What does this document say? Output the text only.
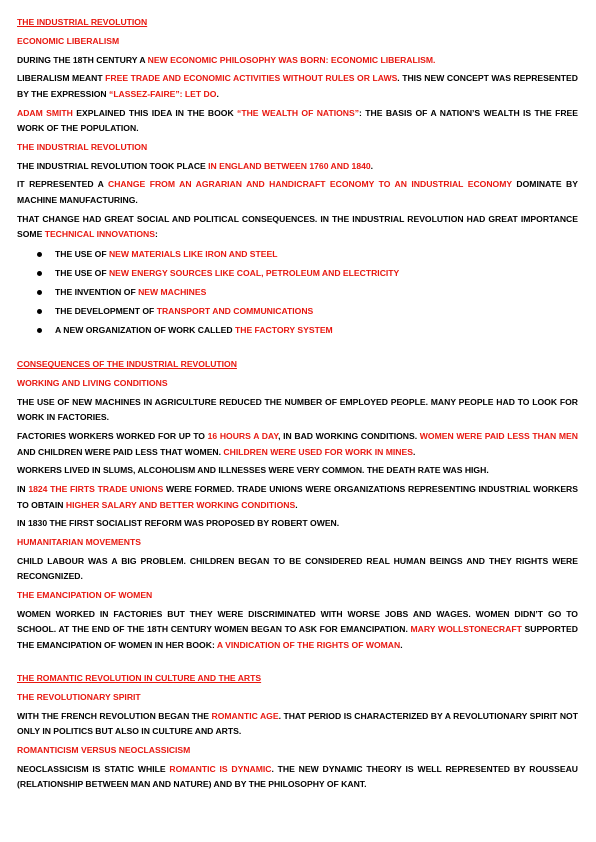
THE INDUSTRIAL REVOLUTION

ECONOMIC LIBERALISM

DURING THE 18TH CENTURY A NEW ECONOMIC PHILOSOPHY WAS BORN: ECONOMIC LIBERALISM.

LIBERALISM MEANT FREE TRADE AND ECONOMIC ACTIVITIES WITHOUT RULES OR LAWS. THIS NEW CONCEPT WAS REPRESENTED BY THE EXPRESSION “LASSEZ-FAIRE”: LET DO.

ADAM SMITH EXPLAINED THIS IDEA IN THE BOOK “THE WEALTH OF NATIONS”: THE BASIS OF A NATION’S WEALTH IS THE FREE WORK OF THE POPULATION.

THE INDUSTRIAL REVOLUTION

THE INDUSTRIAL REVOLUTION TOOK PLACE IN ENGLAND BETWEEN 1760 AND 1840.

IT REPRESENTED A CHANGE FROM AN AGRARIAN AND HANDICRAFT ECONOMY TO AN INDUSTRIAL ECONOMY DOMINATE BY MACHINE MANUFACTURING.

THAT CHANGE HAD GREAT SOCIAL AND POLITICAL CONSEQUENCES. IN THE INDUSTRIAL REVOLUTION HAD GREAT IMPORTANCE SOME TECHNICAL INNOVATIONS:

THE USE OF NEW MATERIALS LIKE IRON AND STEEL
THE USE OF NEW ENERGY SOURCES LIKE COAL, PETROLEUM AND ELECTRICITY
THE INVENTION OF NEW MACHINES
THE DEVELOPMENT OF TRANSPORT AND COMMUNICATIONS
A NEW ORGANIZATION OF WORK CALLED THE FACTORY SYSTEM

CONSEQUENCES OF THE INDUSTRIAL REVOLUTION

WORKING AND LIVING CONDITIONS

THE USE OF NEW MACHINES IN AGRICULTURE REDUCED THE NUMBER OF EMPLOYED PEOPLE. MANY PEOPLE HAD TO LOOK FOR WORK IN FACTORIES.

FACTORIES WORKERS WORKED FOR UP TO 16 HOURS A DAY, IN BAD WORKING CONDITIONS. WOMEN WERE PAID LESS THAN MEN AND CHILDREN WERE PAID LESS THAT WOMEN. CHILDREN WERE USED FOR WORK IN MINES.

WORKERS LIVED IN SLUMS, ALCOHOLISM AND ILLNESSES WERE VERY COMMON. THE DEATH RATE WAS HIGH.

IN 1824 THE FIRTS TRADE UNIONS WERE FORMED. TRADE UNIONS WERE ORGANIZATIONS REPRESENTING INDUSTRIAL WORKERS TO OBTAIN HIGHER SALARY AND BETTER WORKING CONDITIONS.

IN 1830 THE FIRST SOCIALIST REFORM WAS PROPOSED BY ROBERT OWEN.

HUMANITARIAN MOVEMENTS

CHILD LABOUR WAS A BIG PROBLEM. CHILDREN BEGAN TO BE CONSIDERED REAL HUMAN BEINGS AND THEY RIGHTS WERE RECONGNIZED.

THE EMANCIPATION OF WOMEN

WOMEN WORKED IN FACTORIES BUT THEY WERE DISCRIMINATED WITH WORSE JOBS AND WAGES. WOMEN DIDN’T GO TO SCHOOL. AT THE END OF THE 18TH CENTURY WOMEN BEGAN TO ASK FOR EMANCIPATION. MARY WOLLSTONECRAFT SUPPORTED THE EMANCIPATION OF WOMEN IN HER BOOK: A VINDICATION OF THE RIGHTS OF WOMAN.

THE ROMANTIC REVOLUTION IN CULTURE AND THE ARTS

THE REVOLUTIONARY SPIRIT

WITH THE FRENCH REVOLUTION BEGAN THE ROMANTIC AGE. THAT PERIOD IS CHARACTERIZED BY A REVOLUTIONARY SPIRIT NOT ONLY IN POLITICS BUT ALSO IN CULTURE AND ARTS.

ROMANTICISM VERSUS NEOCLASSICISM

NEOCLASSICISM IS STATIC WHILE ROMANTIC IS DYNAMIC. THE NEW DYNAMIC THEORY IS WELL REPRESENTED BY ROUSSEAU (RELATIONSHIP BETWEEN MAN AND NATURE) AND BY THE PHILOSOPHY OF KANT.
